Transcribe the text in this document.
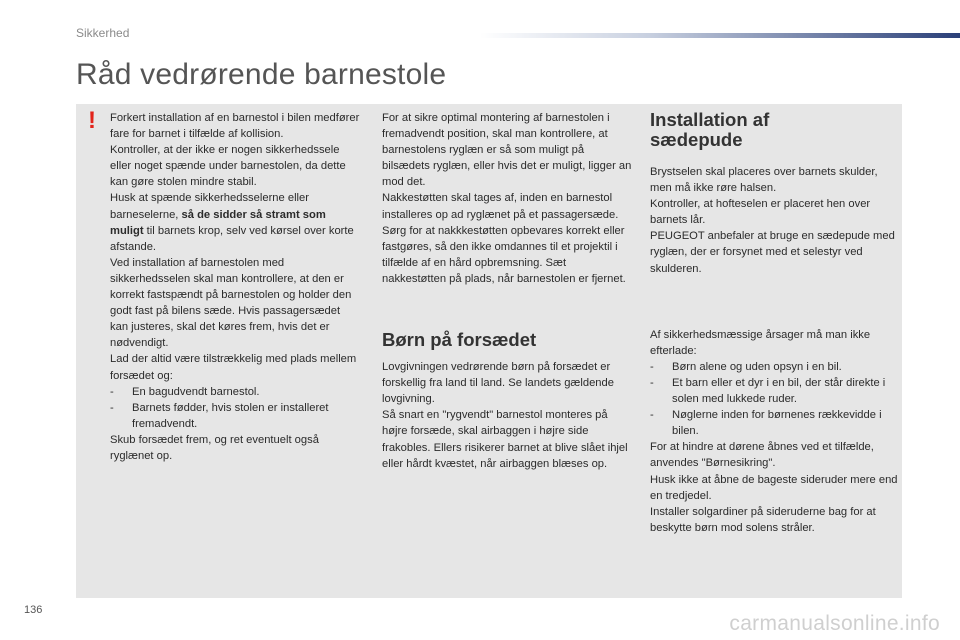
Sikkerhed
Råd vedrørende barnestole
!	Forkert installation af en barnestol i bilen medfører fare for barnet i tilfælde af kollision.

Kontroller, at der ikke er nogen sikkerhedssele eller noget spænde under barnestolen, da dette kan gøre stolen mindre stabil.

Husk at spænde sikkerhedsselerne eller barneselerne, så de sidder så stramt som muligt til barnets krop, selv ved kørsel over korte afstande.

Ved installation af barnestolen med sikkerhedsselen skal man kontrollere, at den er korrekt fastspændt på barnestolen og holder den godt fast på bilens sæde. Hvis passagersædet kan justeres, skal det køres frem, hvis det er nødvendigt.

Lad der altid være tilstrækkelig med plads mellem forsædet og:

- En bagudvendt barnestol.
- Barnets fødder, hvis stolen er installeret fremadvendt.

Skub forsædet frem, og ret eventuelt også ryglænet op.

For at sikre optimal montering af barnestolen i fremadvendt position, skal man kontrollere, at barnestolens ryglæn er så som muligt på bilsædets ryglæn, eller hvis det er muligt, ligger an mod det.

Nakkestøtten skal tages af, inden en barnestol installeres op ad ryglænet på et passagersæde.

Sørg for at nakkkestøtten opbevares korrekt eller fastgøres, så den ikke omdannes til et projektil i tilfælde af en hård opbremsning. Sæt nakkestøtten på plads, når barnestolen er fjernet.

Børn på forsædet

Lovgivningen vedrørende børn på forsædet er forskellig fra land til land. Se landets gældende lovgivning.

Så snart en "rygvendt" barnestol monteres på højre forsæde, skal airbaggen i højre side frakobles. Ellers risikerer barnet at blive slået ihjel eller hårdt kvæstet, når airbaggen blæses op.

Installation af
sædepude

Brystselen skal placeres over barnets skulder, men må ikke røre halsen.

Kontroller, at hofteselen er placeret hen over barnets lår.

PEUGEOT anbefaler at bruge en sædepude med ryglæn, der er forsynet med et selestyr ved skulderen.

Af sikkerhedsmæssige årsager må man ikke efterlade:

- Børn alene og uden opsyn i en bil.
- Et barn eller et dyr i en bil, der står direkte i solen med lukkede ruder.
- Nøglerne inden for børnenes rækkevidde i bilen.

For at hindre at dørene åbnes ved et tilfælde, anvendes "Børnesikring".

Husk ikke at åbne de bageste sideruder mere end en tredjedel.

Installer solgardiner på sideruderne bag for at beskytte børn mod solens stråler.

136
carmanualsonline.info
